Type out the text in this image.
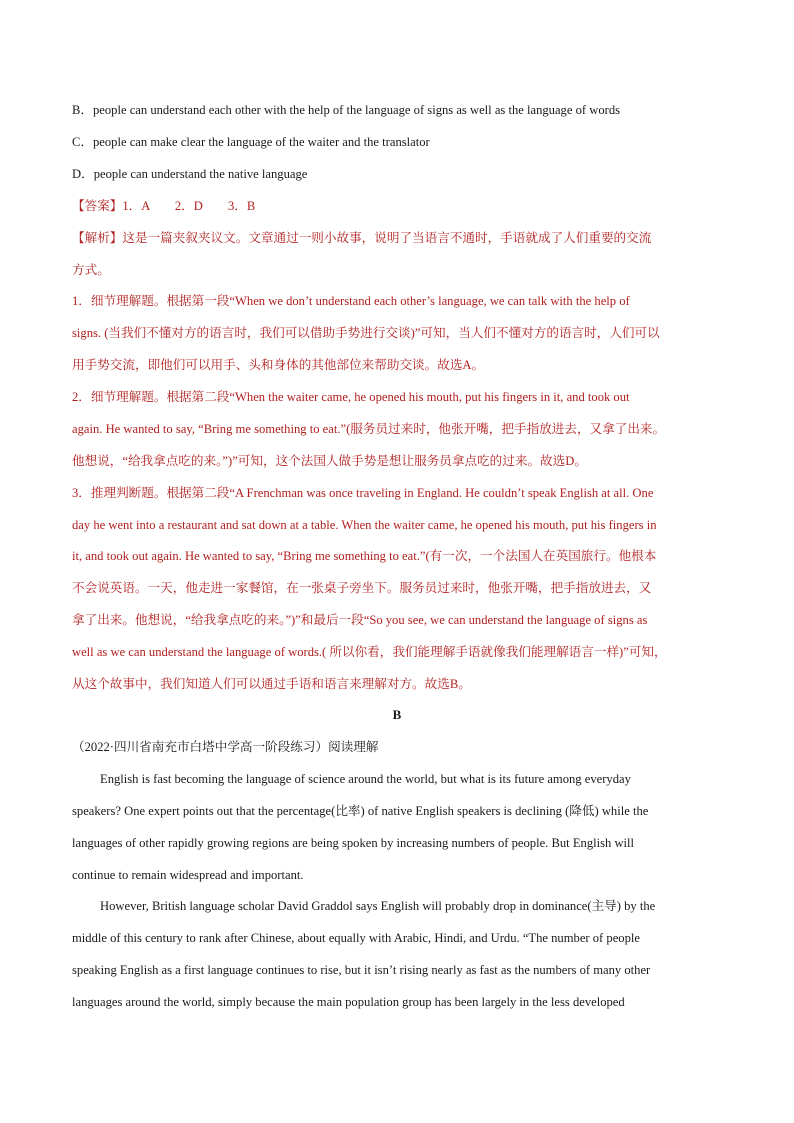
B．people can understand each other with the help of the language of signs as well as the language of words
C．people can make clear the language of the waiter and the translator
D．people can understand the native language
【答案】1．A　　2．D　　3．B
【解析】这是一篇夹叙夹议文。文章通过一则小故事，说明了当语言不通时，手语就成了人们重要的交流
方式。
1．细节理解题。根据第一段“When we don’t understand each other’s language, we can talk with the help of
signs. (当我们不懂对方的语言时，我们可以借助手势进行交谈)”可知，当人们不懂对方的语言时，人们可以
用手势交流，即他们可以用手、头和身体的其他部位来帮助交谈。故选A。
2．细节理解题。根据第二段“When the waiter came, he opened his mouth, put his fingers in it, and took out
again. He wanted to say, “Bring me something to eat.”(服务员过来时，他张开嘴，把手指放进去，又拿了出来。
他想说，“给我拿点吃的来。”)”可知，这个法国人做手势是想让服务员拿点吃的过来。故选D。
3．推理判断题。根据第二段“A Frenchman was once traveling in England. He couldn’t speak English at all. One
day he went into a restaurant and sat down at a table. When the waiter came, he opened his mouth, put his fingers in
it, and took out again. He wanted to say, “Bring me something to eat.”(有一次，一个法国人在英国旅行。他根本
不会说英语。一天，他走进一家餐馆，在一张桌子旁坐下。服务员过来时，他张开嘴，把手指放进去，又
拿了出来。他想说，“给我拿点吃的来。”)”和最后一段“So you see, we can understand the language of signs as
well as we can understand the language of words.( 所以你看，我们能理解手语就像我们能理解语言一样)”可知，
从这个故事中，我们知道人们可以通过手语和语言来理解对方。故选B。
B
（2022·四川省南充市白塔中学高一阶段练习）阅读理解
English is fast becoming the language of science around the world, but what is its future among everyday
speakers? One expert points out that the percentage(比率) of native English speakers is declining (降低) while the
languages of other rapidly growing regions are being spoken by increasing numbers of people. But English will
continue to remain widespread and important.
However, British language scholar David Graddol says English will probably drop in dominance(主导) by the
middle of this century to rank after Chinese, about equally with Arabic, Hindi, and Urdu. “The number of people
speaking English as a first language continues to rise, but it isn’t rising nearly as fast as the numbers of many other
languages around the world, simply because the main population group has been largely in the less developed
